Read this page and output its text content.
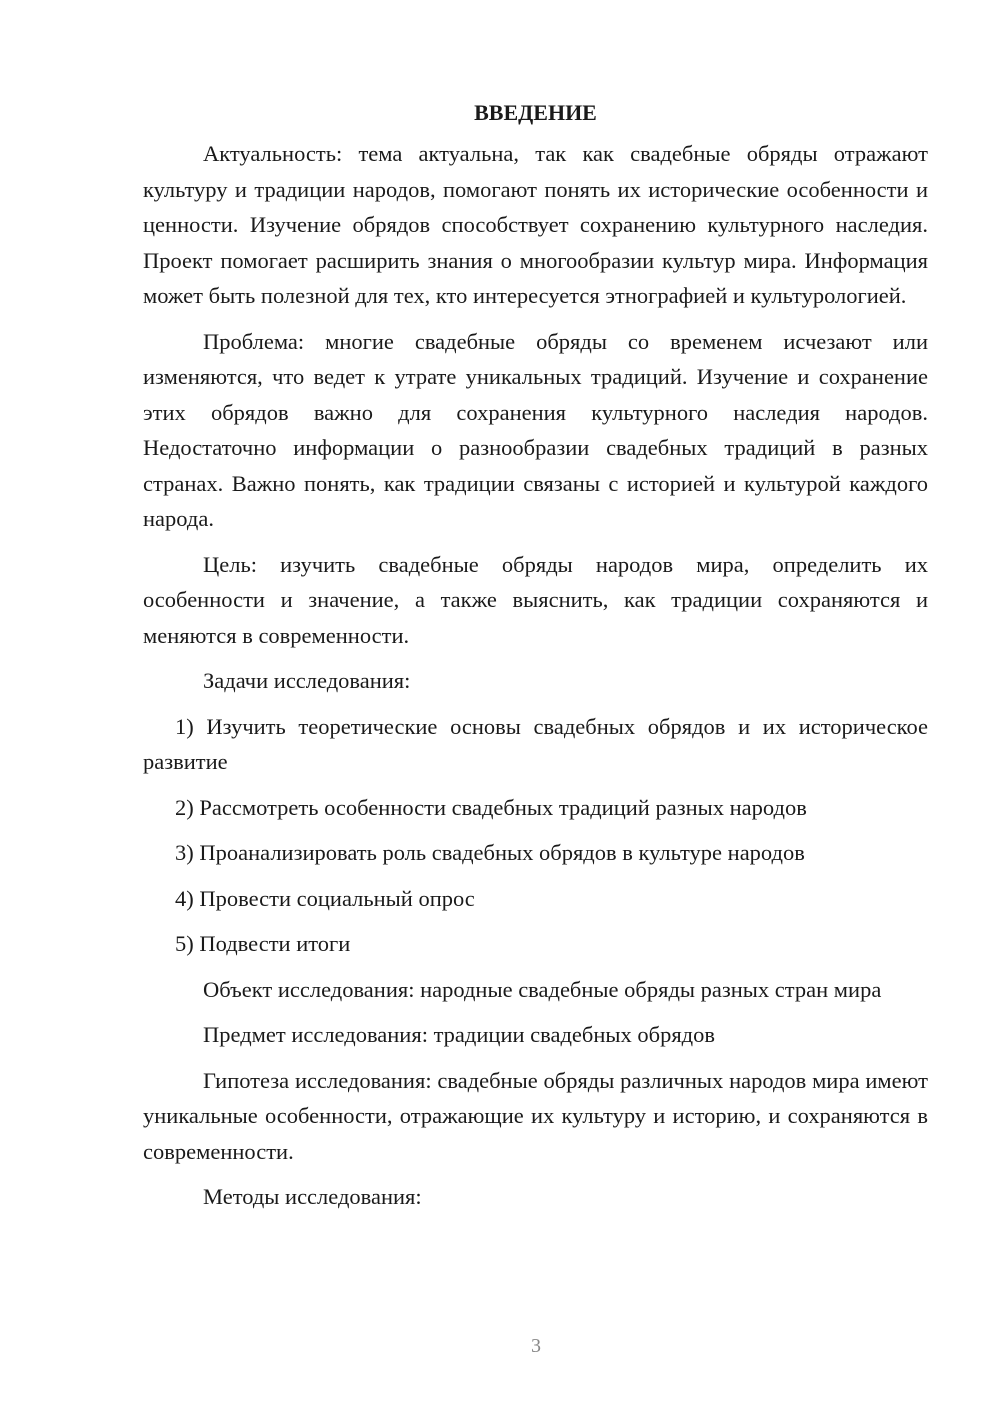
ВВЕДЕНИЕ

Актуальность: тема актуальна, так как свадебные обряды отражают культуру и традиции народов, помогают понять их исторические особенности и ценности. Изучение обрядов способствует сохранению культурного наследия. Проект помогает расширить знания о многообразии культур мира. Информация может быть полезной для тех, кто интересуется этнографией и культурологией.

Проблема: многие свадебные обряды со временем исчезают или изменяются, что ведет к утрате уникальных традиций. Изучение и сохранение этих обрядов важно для сохранения культурного наследия народов. Недостаточно информации о разнообразии свадебных традиций в разных странах. Важно понять, как традиции связаны с историей и культурой каждого народа.

Цель: изучить свадебные обряды народов мира, определить их особенности и значение, а также выяснить, как традиции сохраняются и меняются в современности.

Задачи исследования:

1) Изучить теоретические основы свадебных обрядов и их историческое развитие

2) Рассмотреть особенности свадебных традиций разных народов

3) Проанализировать роль свадебных обрядов в культуре народов

4) Провести социальный опрос

5) Подвести итоги

Объект исследования: народные свадебные обряды разных стран мира

Предмет исследования: традиции свадебных обрядов

Гипотеза исследования: свадебные обряды различных народов мира имеют уникальные особенности, отражающие их культуру и историю, и сохраняются в современности.

Методы исследования:

3
